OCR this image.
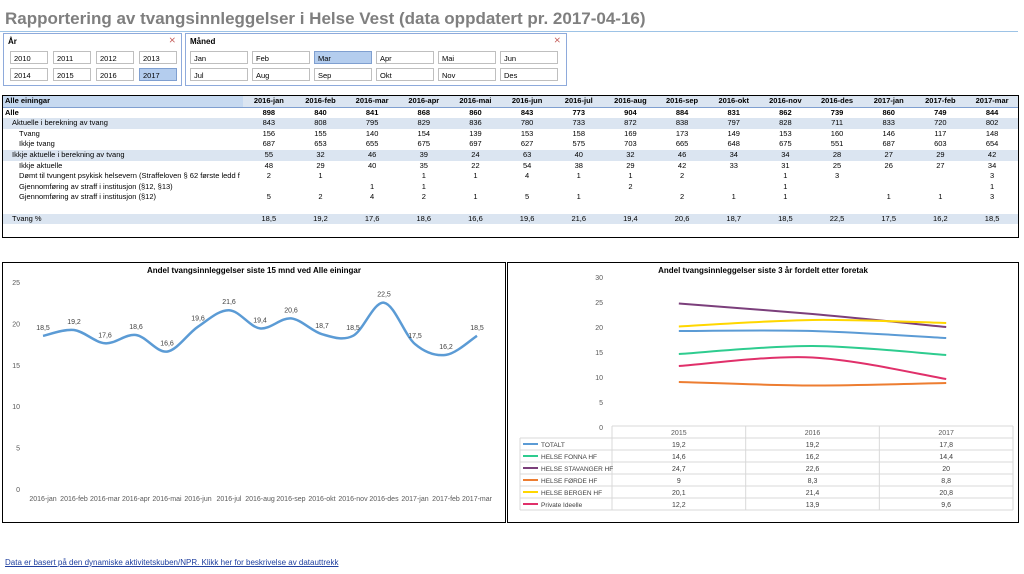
Rapportering av tvangsinnleggelser i Helse Vest (data oppdatert pr. 2017-04-16)
År	⨯
2010	2011	2012	2013
2014	2015	2016	2017
Måned	⨯
Jan	Feb	Mar	Apr	Mai	Jun
Jul	Aug	Sep	Okt	Nov	Des
Alle einingar	2016-jan	2016-feb	2016-mar	2016-apr	2016-mai	2016-jun	2016-jul	2016-aug	2016-sep	2016-okt	2016-nov	2016-des	2017-jan	2017-feb	2017-mar
Alle	898	840	841	868	860	843	773	904	884	831	862	739	860	749	844
Aktuelle i berekning av tvang	843	808	795	829	836	780	733	872	838	797	828	711	833	720	802
Tvang	156	155	140	154	139	153	158	169	173	149	153	160	146	117	148
Ikkje tvang	687	653	655	675	697	627	575	703	665	648	675	551	687	603	654
Ikkje aktuelle i berekning av tvang	55	32	46	39	24	63	40	32	46	34	34	28	27	29	42
Ikkje aktuelle	48	29	40	35	22	54	38	29	42	33	31	25	26	27	34
Dømt til tvungent psykisk helsevern (Straffeloven § 62 første ledd f	2	1		1	1	4	1	1	2		1	3			3
Gjennomføring av straff i institusjon (§12, §13)			1	1				2			1				1
Gjennomføring av straff i institusjon (§12)	5	2	4	2	1	5	1		2	1	1		1	1	3

Tvang %	18,5	19,2	17,6	18,6	16,6	19,6	21,6	19,4	20,6	18,7	18,5	22,5	17,5	16,2	18,5
Andel tvangsinnleggelser siste 15 mnd ved Alle einingar
0
5
10
15
20
25
2016-jan 2016-feb 2016-mar 2016-apr 2016-mai 2016-jun 2016-jul 2016-aug 2016-sep 2016-okt 2016-nov 2016-des 2017-jan 2017-feb 2017-mar
18,5
19,2
17,6
18,6
16,6
19,6
21,6
19,4
20,6
18,7 18,5
22,5
17,5
16,2
18,5
Andel tvangsinnleggelser siste 3 år fordelt etter foretak
0
5
10
15
20
25
30
2015	2016	2017
TOTALT	19,2	19,2	17,8
HELSE FONNA HF	14,6	16,2	14,4
HELSE STAVANGER HF	24,7	22,6	20
HELSE FØRDE HF	9	8,3	8,8
HELSE BERGEN HF	20,1	21,4	20,8
Private Ideelle	12,2	13,9	9,6
Data er basert på den dynamiske aktivitetskuben/NPR. Klikk her for beskrivelse av datauttrekk
